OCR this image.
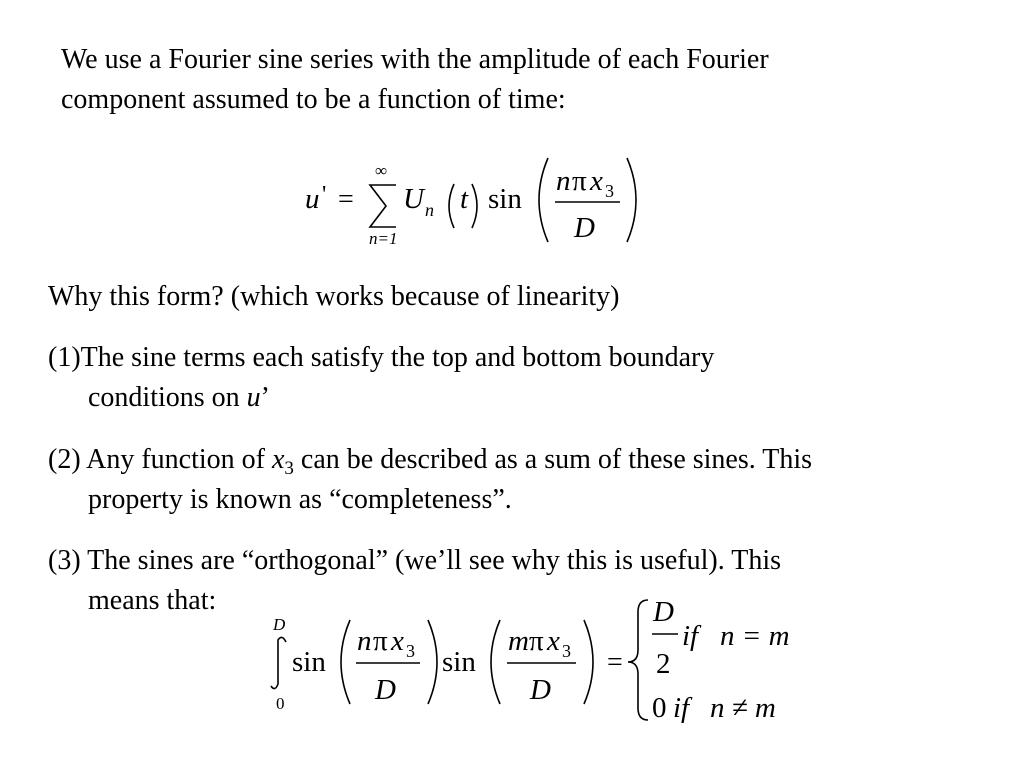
We use a Fourier sine series with the amplitude of each Fourier
component assumed to be a function of time:
u ' =
∞
n=1
U n t sin
n π x 3
D
Why this form? (which works because of linearity)
(1)The sine terms each satisfy the top and bottom boundary
conditions on u’
(2) Any function of $x_3$ can be described as a sum of these sines. This
property is known as “completeness”.
(3) The sines are “orthogonal” (we’ll see why this is useful). This
means that:
D
0
sin
n π x 3
D
sin
m π x 3
D
=
D
2
if n = m
0 if n ≠ m
